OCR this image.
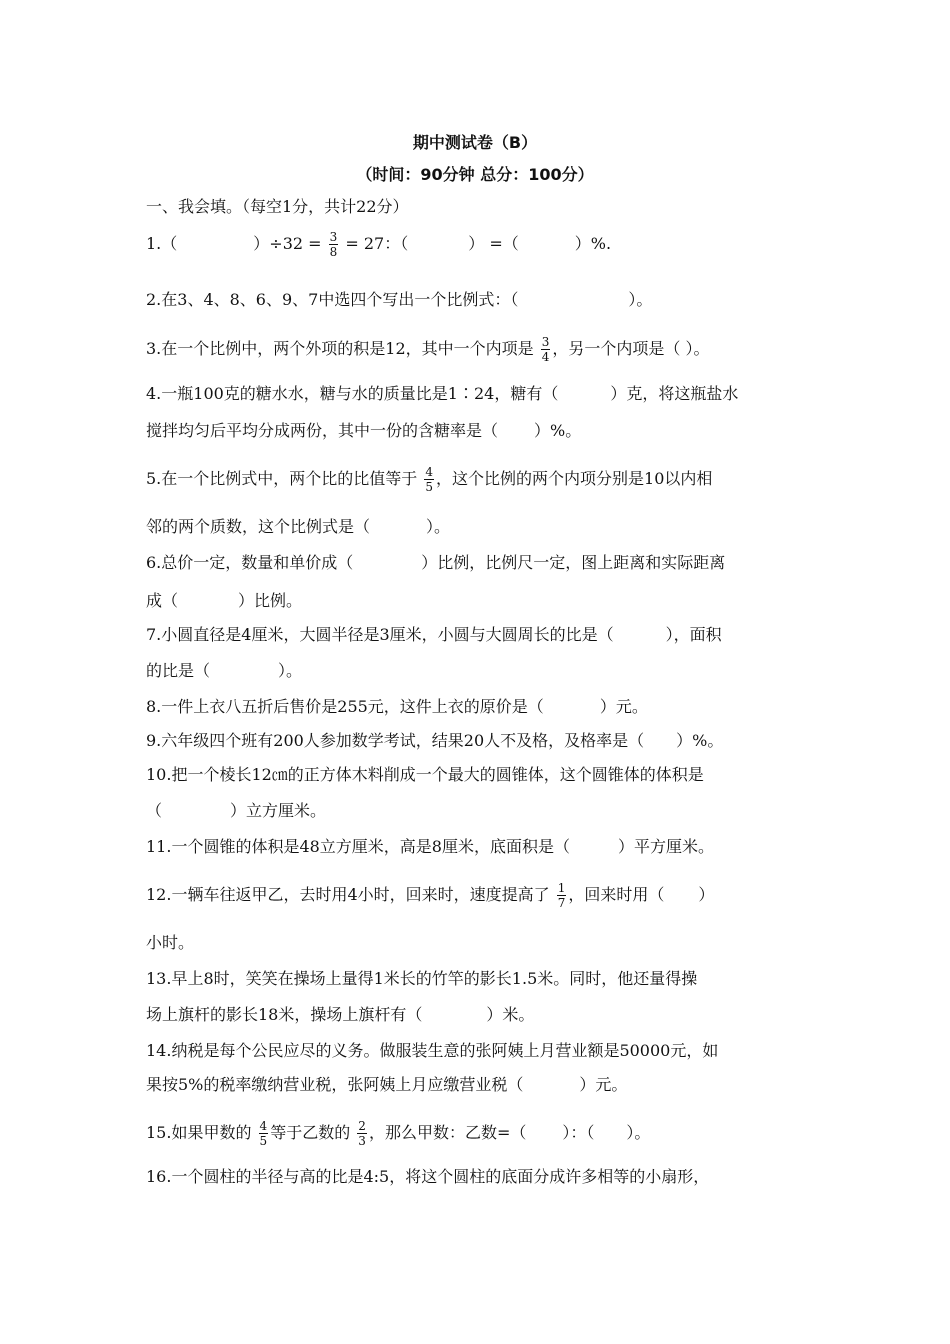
期中测试卷（B）
（时间：90分钟 总分：100分）
一、我会填。（每空1分，共计22分）
1.（	）$\div 32 = \frac{3}{8} = 27$：（	） =（	）%.
2.在3、4、8、6、9、7中选四个写出一个比例式：（	）。
3.在一个比例中，两个外项的积是12，其中一个内项是 $\frac{3}{4}$ ，另一个内项是（ ）。
4.一瓶100克的糖水水，糖与水的质量比是1∶24，糖有（	）克，将这瓶盐水
搅拌均匀后平均分成两份，其中一份的含糖率是（ ）%。
5.在一个比例式中，两个比的比值等于 $\frac{4}{5}$ ，这个比例的两个内项分别是10以内相
邻的两个质数，这个比例式是（	）。
6.总价一定，数量和单价成（	）比例，比例尺一定，图上距离和实际距离
成（	）比例。
7.小圆直径是4厘米，大圆半径是3厘米，小圆与大圆周长的比是（	），面积
的比是（	）。
8.一件上衣八五折后售价是255元，这件上衣的原价是（	）元。
9.六年级四个班有200人参加数学考试，结果20人不及格，及格率是（ ）%。
10.把一个棱长12㎝的正方体木料削成一个最大的圆锥体，这个圆锥体的体积是
（	）立方厘米。
11.一个圆锥的体积是48立方厘米，高是8厘米，底面积是（	）平方厘米。
12.一辆车往返甲乙，去时用4小时，回来时，速度提高了 $\frac{1}{7}$ ，回来时用（ ）
小时。
13.早上8时，笑笑在操场上量得1米长的竹竿的影长1.5米。同时，他还量得操
场上旗杆的影长18米，操场上旗杆有（	）米。
14.纳税是每个公民应尽的义务。做服装生意的张阿姨上月营业额是50000元，如
果按5%的税率缴纳营业税，张阿姨上月应缴营业税（	）元。
15.如果甲数的 $\frac{4}{5}$ 等于乙数的 $\frac{2}{3}$ ，那么甲数：乙数=（ ）：（ ）。
16.一个圆柱的半径与高的比是4:5，将这个圆柱的底面分成许多相等的小扇形，
